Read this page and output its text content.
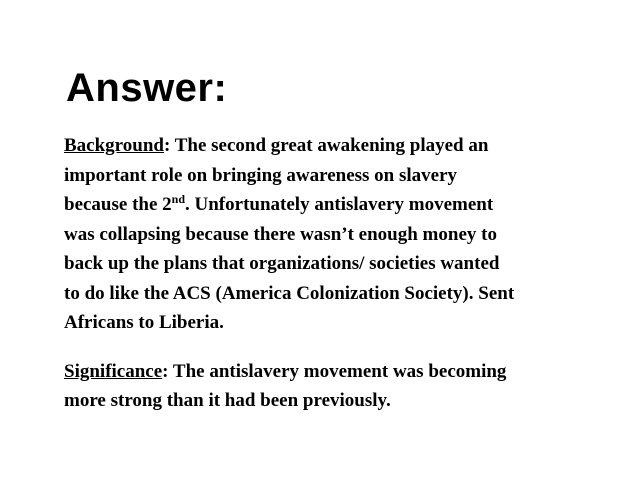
Answer:

Background: The second great awakening played an
important role on bringing awareness on slavery
because the 2nd. Unfortunately antislavery movement
was collapsing because there wasn’t enough money to
back up the plans that organizations/ societies wanted
to do like the ACS (America Colonization Society). Sent
Africans to Liberia.

Significance: The antislavery movement was becoming
more strong than it had been previously.
